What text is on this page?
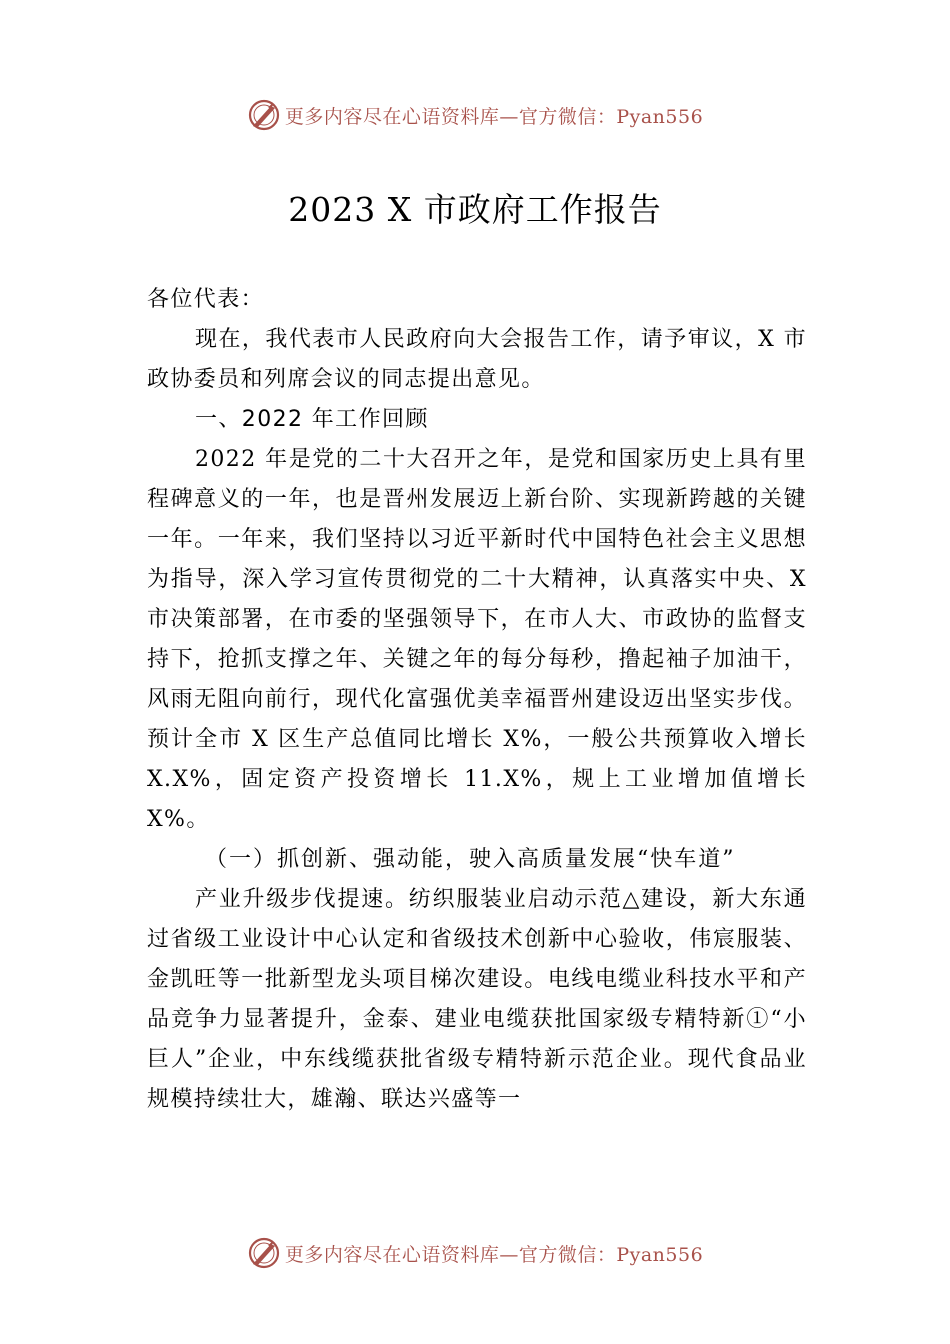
更多内容尽在心语资料库—官方微信：Pyan556
2023 X 市政府工作报告

各位代表：

现在，我代表市人民政府向大会报告工作，请予审议，X 市政协委员和列席会议的同志提出意见。

一、2022 年工作回顾

2022 年是党的二十大召开之年，是党和国家历史上具有里程碑意义的一年，也是晋州发展迈上新台阶、实现新跨越的关键一年。一年来，我们坚持以习近平新时代中国特色社会主义思想为指导，深入学习宣传贯彻党的二十大精神，认真落实中央、X 市决策部署，在市委的坚强领导下，在市人大、市政协的监督支持下，抢抓支撑之年、关键之年的每分每秒，撸起袖子加油干，风雨无阻向前行，现代化富强优美幸福晋州建设迈出坚实步伐。预计全市 X 区生产总值同比增长 X%，一般公共预算收入增长 X.X%，固定资产投资增长 11.X%，规上工业增加值增长 X%。

（一）抓创新、强动能，驶入高质量发展“快车道”

产业升级步伐提速。纺织服装业启动示范△建设，新大东通过省级工业设计中心认定和省级技术创新中心验收，伟宸服装、金凯旺等一批新型龙头项目梯次建设。电线电缆业科技水平和产品竞争力显著提升，金泰、建业电缆获批国家级专精特新①“小巨人”企业，中东线缆获批省级专精特新示范企业。现代食品业规模持续壮大，雄瀚、联达兴盛等一

更多内容尽在心语资料库—官方微信：Pyan556
